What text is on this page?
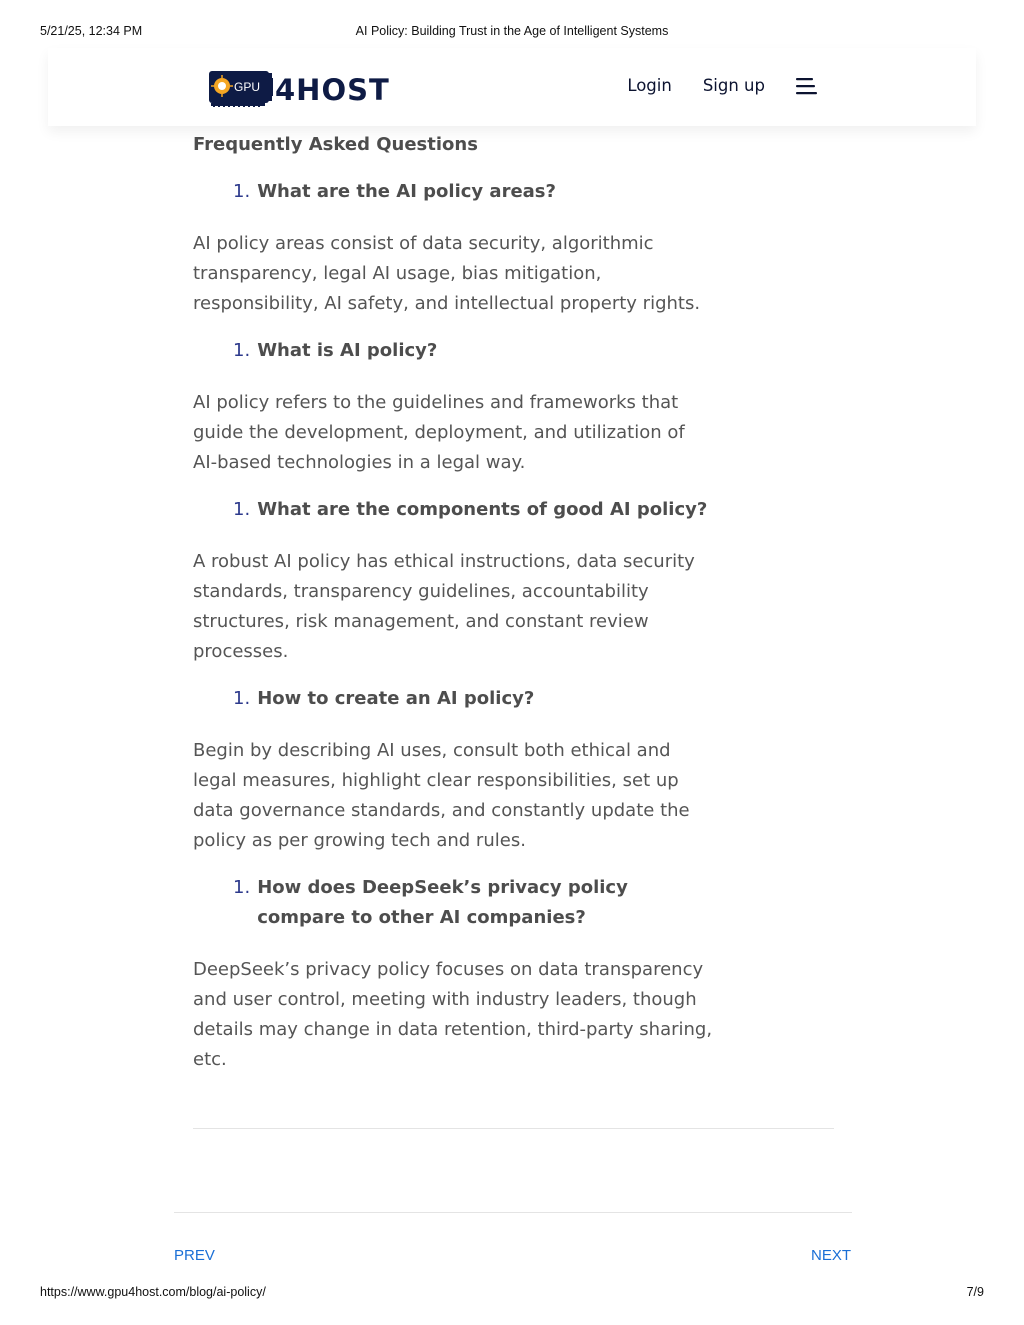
5/21/25, 12:34 PM	AI Policy: Building Trust in the Age of Intelligent Systems
GPU 4HOST	Login Sign up
Frequently Asked Questions
1. What are the AI policy areas?
AI policy areas consist of data security, algorithmic transparency, legal AI usage, bias mitigation, responsibility, AI safety, and intellectual property rights.
1. What is AI policy?
AI policy refers to the guidelines and frameworks that guide the development, deployment, and utilization of AI-based technologies in a legal way.
1. What are the components of good AI policy?
A robust AI policy has ethical instructions, data security standards, transparency guidelines, accountability structures, risk management, and constant review processes.
1. How to create an AI policy?
Begin by describing AI uses, consult both ethical and legal measures, highlight clear responsibilities, set up data governance standards, and constantly update the policy as per growing tech and rules.
1. How does DeepSeek’s privacy policy compare to other AI companies?
DeepSeek’s privacy policy focuses on data transparency and user control, meeting with industry leaders, though details may change in data retention, third-party sharing, etc.
PREV	NEXT
https://www.gpu4host.com/blog/ai-policy/	7/9
